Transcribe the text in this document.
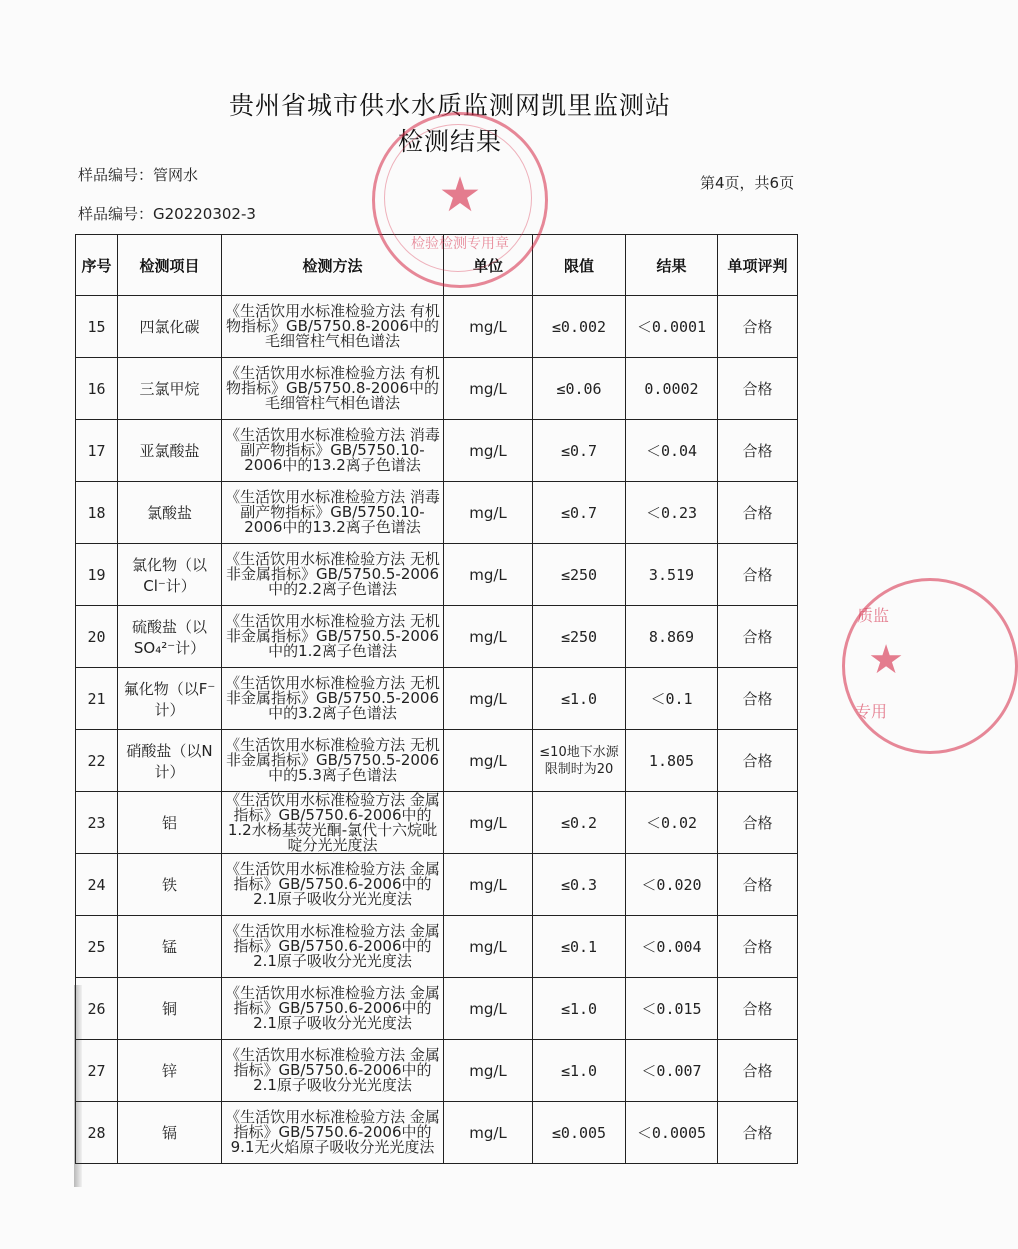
贵州省城市供水水质监测网凯里监测站
检测结果
样品编号：管网水	第4页，共6页
样品编号：G20220302-3
序号	检测项目	检测方法	单位	限值	结果	单项评判
15	四氯化碳	《生活饮用水标准检验方法 有机物指标》GB/5750.8-2006中的毛细管柱气相色谱法	mg/L	≤0.002	＜0.0001	合格
16	三氯甲烷	《生活饮用水标准检验方法 有机物指标》GB/5750.8-2006中的毛细管柱气相色谱法	mg/L	≤0.06	0.0002	合格
17	亚氯酸盐	《生活饮用水标准检验方法 消毒副产物指标》GB/5750.10-2006中的13.2离子色谱法	mg/L	≤0.7	＜0.04	合格
18	氯酸盐	《生活饮用水标准检验方法 消毒副产物指标》GB/5750.10-2006中的13.2离子色谱法	mg/L	≤0.7	＜0.23	合格
19	氯化物（以Cl⁻计）	《生活饮用水标准检验方法 无机非金属指标》GB/5750.5-2006中的2.2离子色谱法	mg/L	≤250	3.519	合格
20	硫酸盐（以SO₄²⁻计）	《生活饮用水标准检验方法 无机非金属指标》GB/5750.5-2006中的1.2离子色谱法	mg/L	≤250	8.869	合格
21	氟化物（以F⁻计）	《生活饮用水标准检验方法 无机非金属指标》GB/5750.5-2006中的3.2离子色谱法	mg/L	≤1.0	＜0.1	合格
22	硝酸盐（以N计）	《生活饮用水标准检验方法 无机非金属指标》GB/5750.5-2006中的5.3离子色谱法	mg/L	≤10地下水源限制时为20	1.805	合格
23	铝	《生活饮用水标准检验方法 金属指标》GB/5750.6-2006中的1.2水杨基荧光酮-氯代十六烷吡啶分光光度法	mg/L	≤0.2	＜0.02	合格
24	铁	《生活饮用水标准检验方法 金属指标》GB/5750.6-2006中的2.1原子吸收分光光度法	mg/L	≤0.3	＜0.020	合格
25	锰	《生活饮用水标准检验方法 金属指标》GB/5750.6-2006中的2.1原子吸收分光光度法	mg/L	≤0.1	＜0.004	合格
26	铜	《生活饮用水标准检验方法 金属指标》GB/5750.6-2006中的2.1原子吸收分光光度法	mg/L	≤1.0	＜0.015	合格
27	锌	《生活饮用水标准检验方法 金属指标》GB/5750.6-2006中的2.1原子吸收分光光度法	mg/L	≤1.0	＜0.007	合格
28	镉	《生活饮用水标准检验方法 金属指标》GB/5750.6-2006中的9.1无火焰原子吸收分光光度法	mg/L	≤0.005	＜0.0005	合格
★
检验检测专用章
★
质监
专用
